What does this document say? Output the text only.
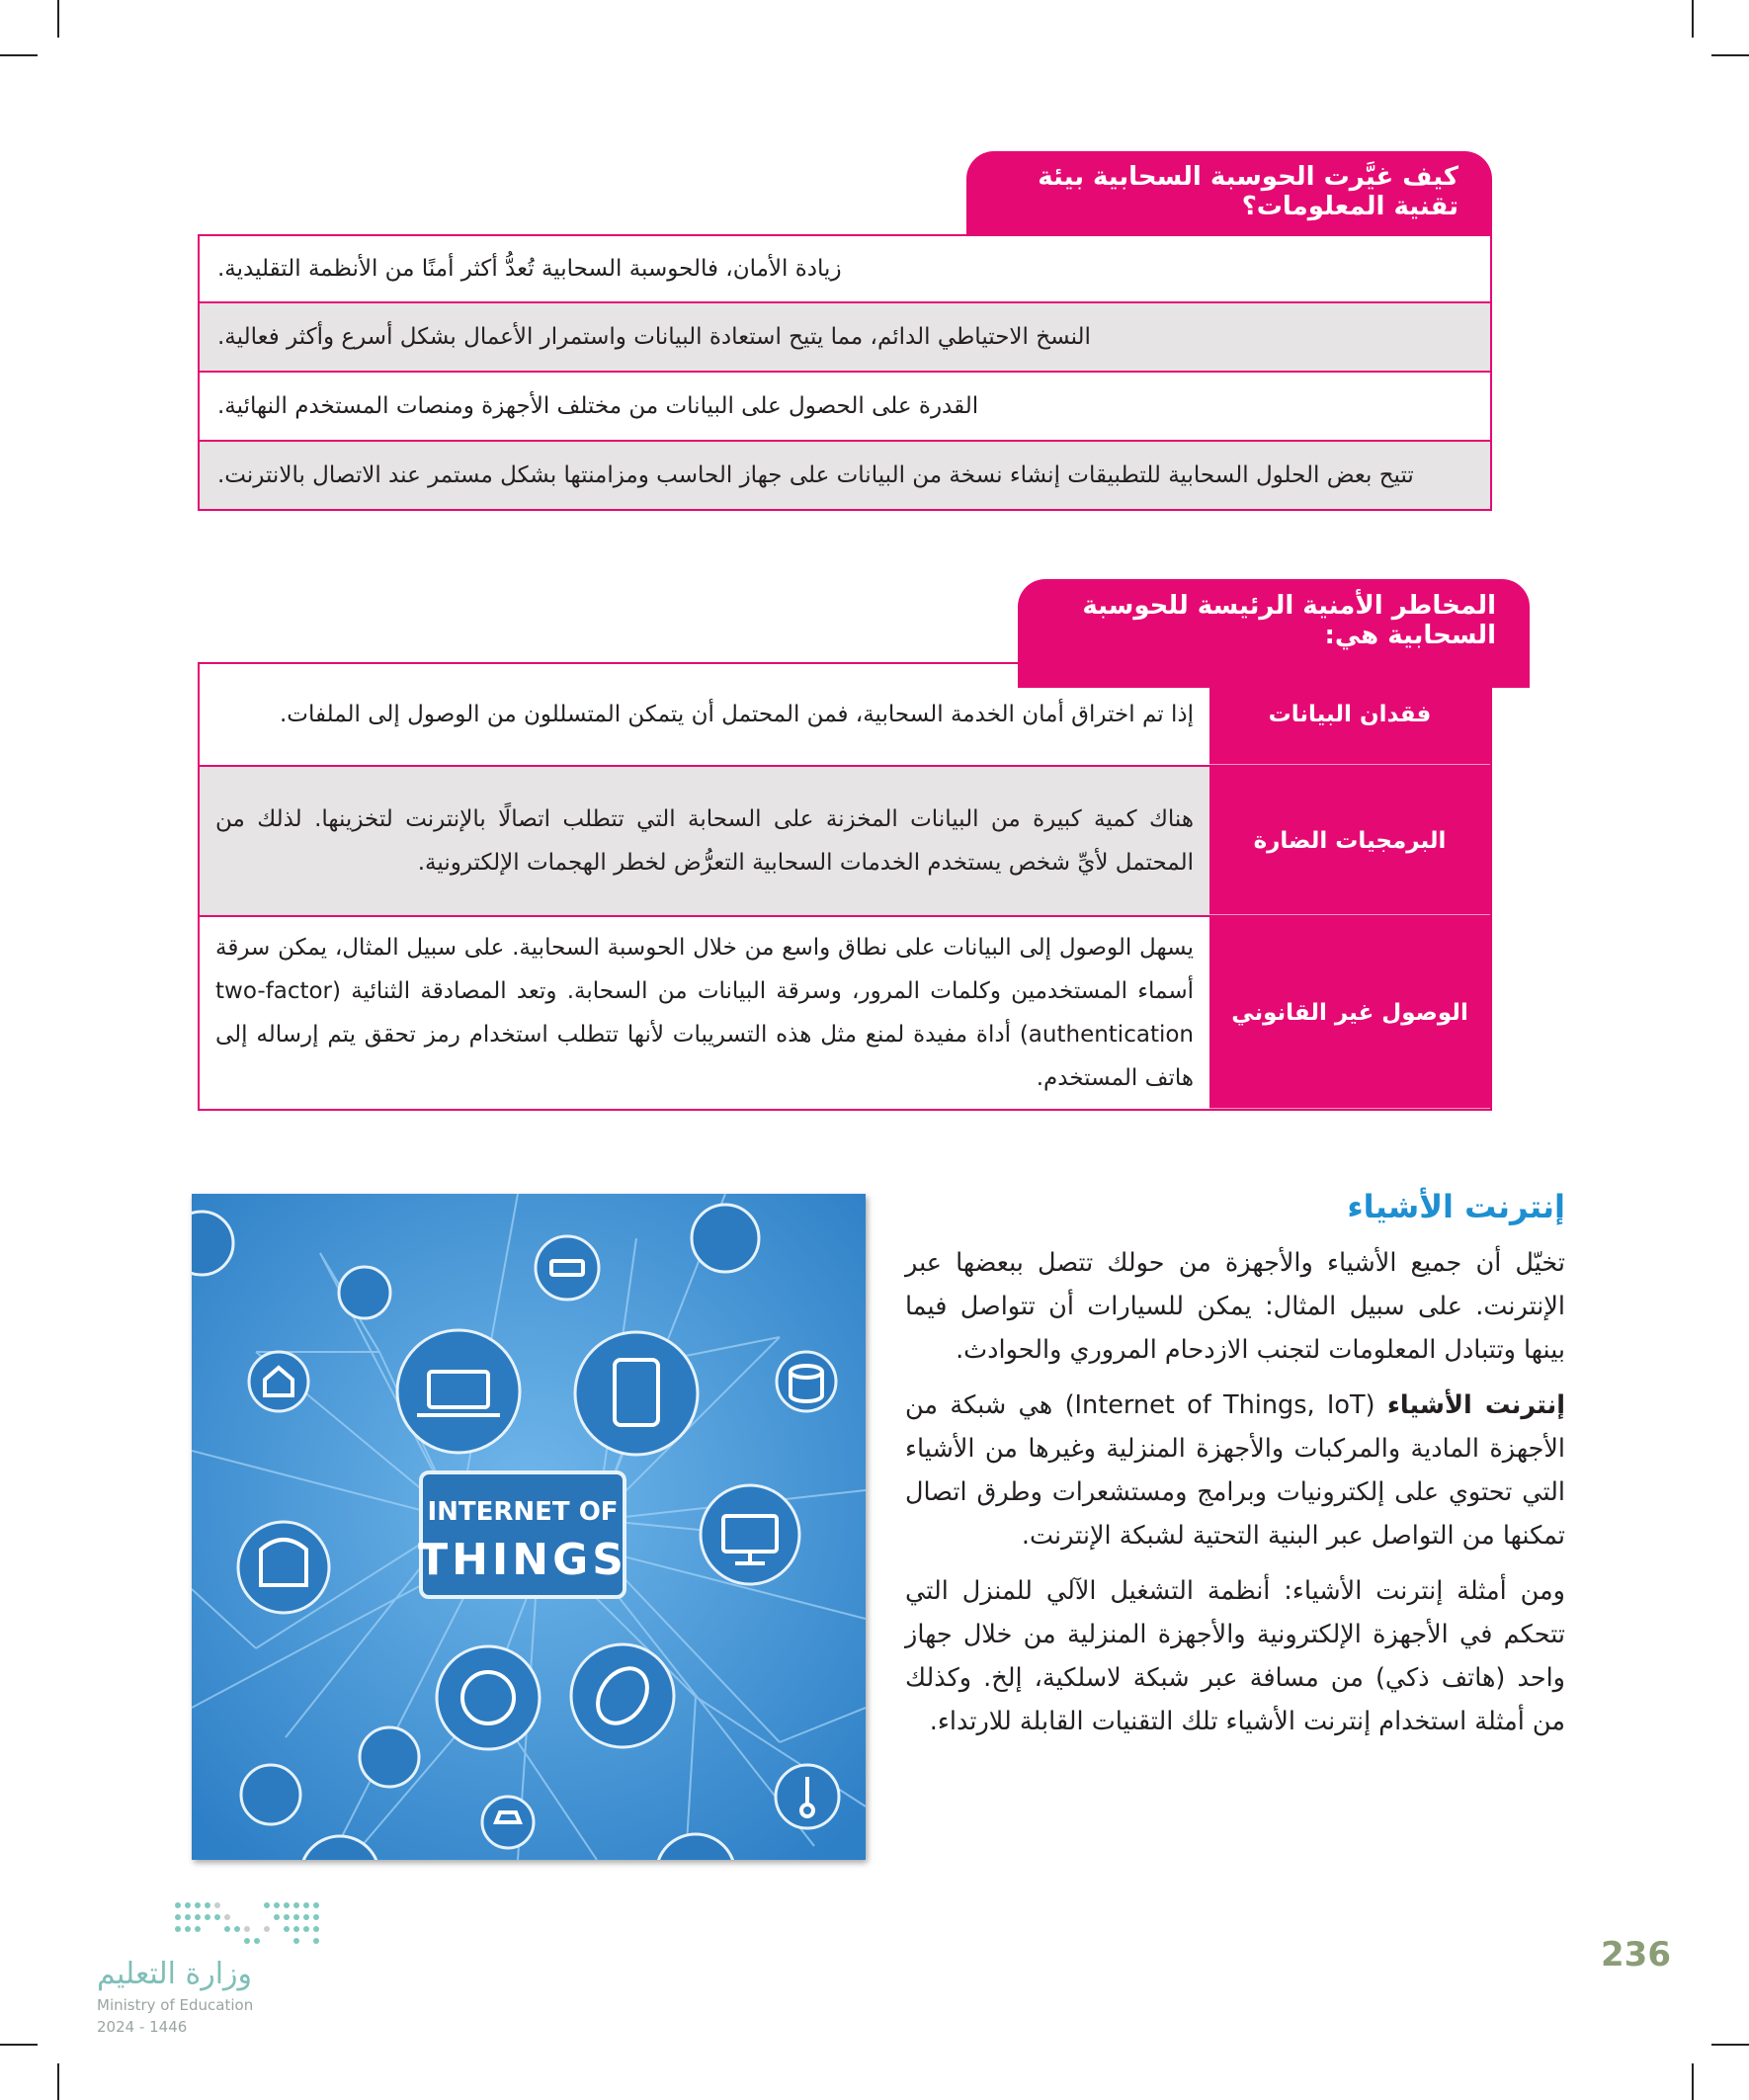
كيف غيَّرت الحوسبة السحابية بيئة تقنية المعلومات؟
زيادة الأمان، فالحوسبة السحابية تُعدُّ أكثر أمنًا من الأنظمة التقليدية.
النسخ الاحتياطي الدائم، مما يتيح استعادة البيانات واستمرار الأعمال بشكل أسرع وأكثر فعالية.
القدرة على الحصول على البيانات من مختلف الأجهزة ومنصات المستخدم النهائية.
تتيح بعض الحلول السحابية للتطبيقات إنشاء نسخة من البيانات على جهاز الحاسب ومزامنتها بشكل مستمر عند الاتصال بالانترنت.
المخاطر الأمنية الرئيسة للحوسبة السحابية هي:
فقدان البيانات
إذا تم اختراق أمان الخدمة السحابية، فمن المحتمل أن يتمكن المتسللون من الوصول إلى الملفات.
البرمجيات الضارة
هناك كمية كبيرة من البيانات المخزنة على السحابة التي تتطلب اتصالًا بالإنترنت لتخزينها. لذلك من المحتمل لأيِّ شخص يستخدم الخدمات السحابية التعرُّض لخطر الهجمات الإلكترونية.
الوصول غير القانوني
يسهل الوصول إلى البيانات على نطاق واسع من خلال الحوسبة السحابية. على سبيل المثال، يمكن سرقة أسماء المستخدمين وكلمات المرور، وسرقة البيانات من السحابة. وتعد المصادقة الثنائية (two-factor authentication) أداة مفيدة لمنع مثل هذه التسريبات لأنها تتطلب استخدام رمز تحقق يتم إرساله إلى هاتف المستخدم.
إنترنت الأشياء

تخيّل أن جميع الأشياء والأجهزة من حولك تتصل ببعضها عبر الإنترنت. على سبيل المثال: يمكن للسيارات أن تتواصل فيما بينها وتتبادل المعلومات لتجنب الازدحام المروري والحوادث.

إنترنت الأشياء (Internet of Things, IoT) هي شبكة من الأجهزة المادية والمركبات والأجهزة المنزلية وغيرها من الأشياء التي تحتوي على إلكترونيات وبرامج ومستشعرات وطرق اتصال تمكنها من التواصل عبر البنية التحتية لشبكة الإنترنت.

ومن أمثلة إنترنت الأشياء: أنظمة التشغيل الآلي للمنزل التي تتحكم في الأجهزة الإلكترونية والأجهزة المنزلية من خلال جهاز واحد (هاتف ذكي) من مسافة عبر شبكة لاسلكية، إلخ. وكذلك من أمثلة استخدام إنترنت الأشياء تلك التقنيات القابلة للارتداء.

INTERNET OF
THINGS
236
وزارة التعليم
Ministry of Education
2024 - 1446
